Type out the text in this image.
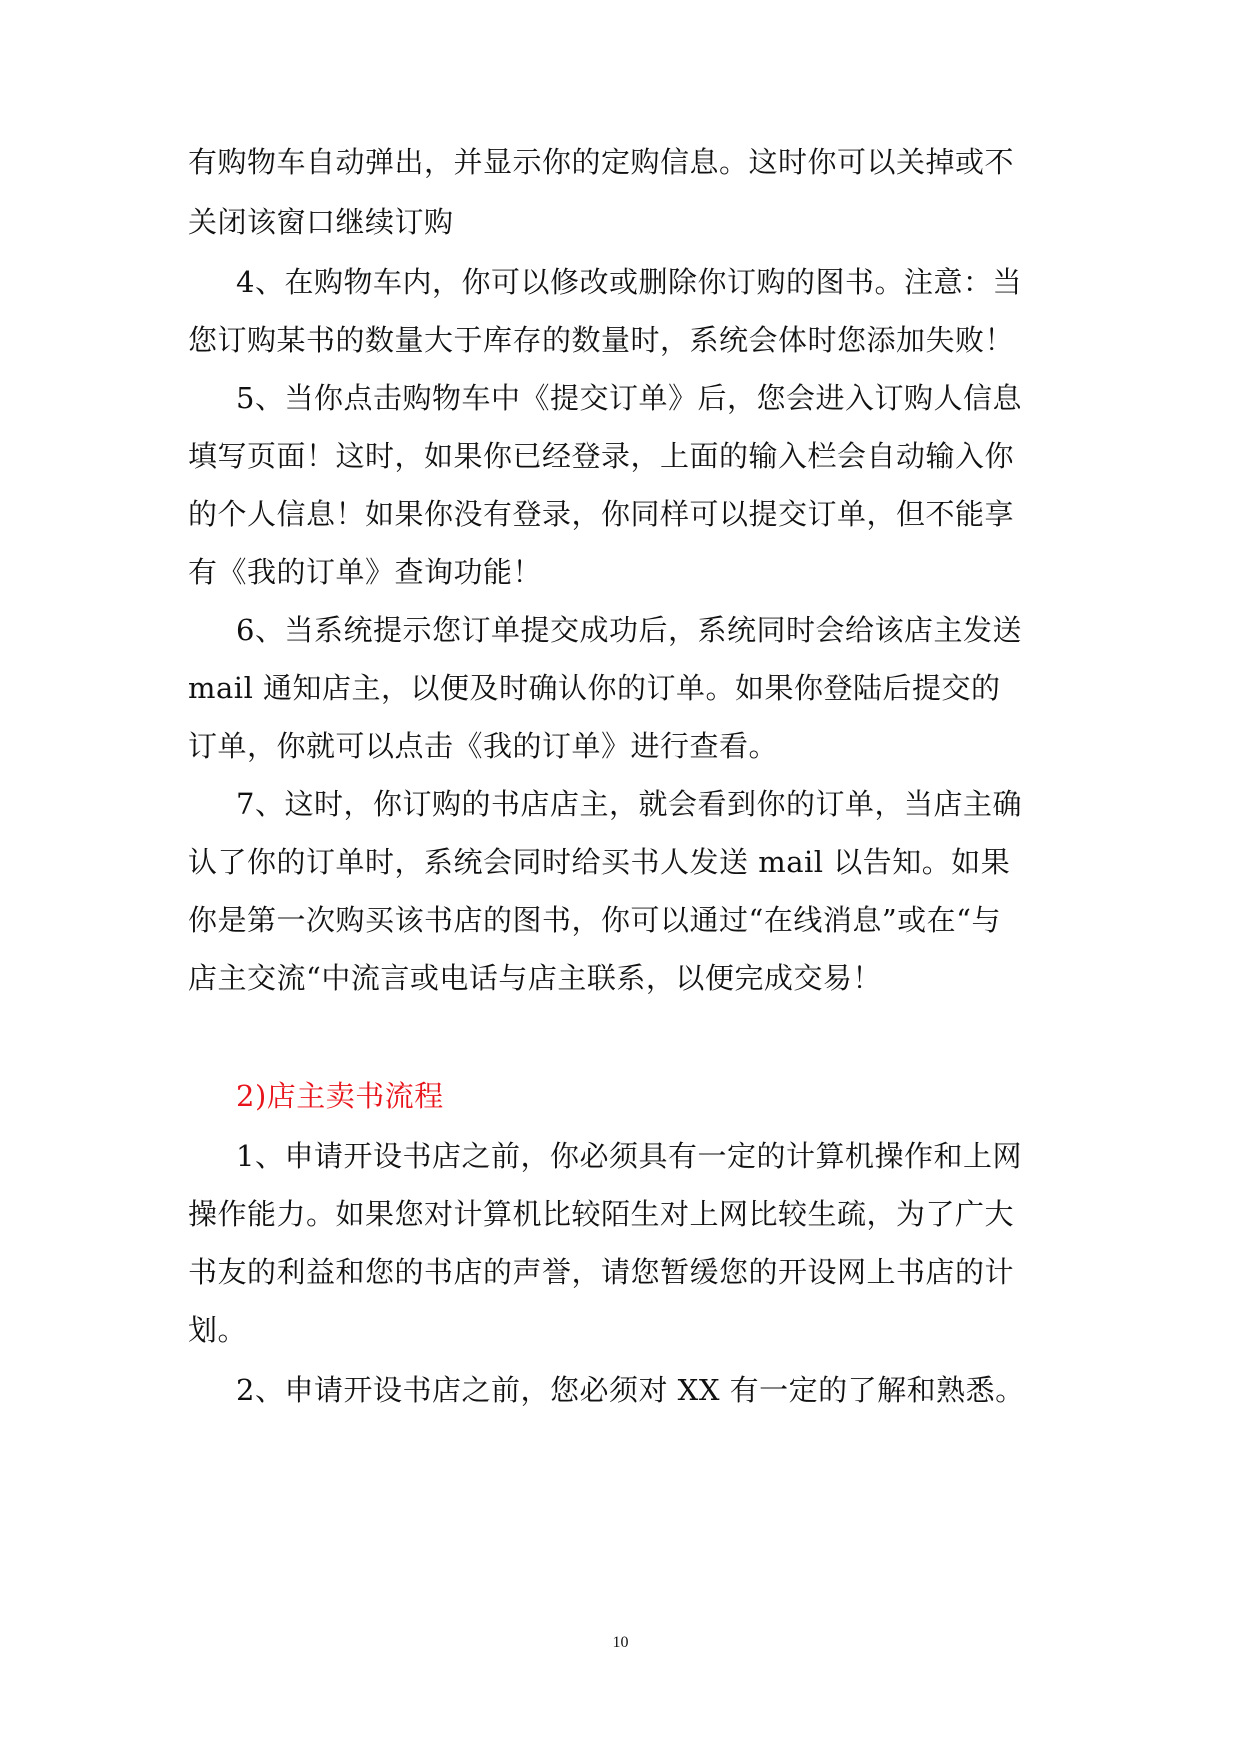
有购物车自动弹出，并显示你的定购信息。这时你可以关掉或不
关闭该窗口继续订购
4、在购物车内，你可以修改或删除你订购的图书。注意：当
您订购某书的数量大于库存的数量时，系统会体时您添加失败！
5、当你点击购物车中《提交订单》后，您会进入订购人信息
填写页面！这时，如果你已经登录，上面的输入栏会自动输入你
的个人信息！如果你没有登录，你同样可以提交订单，但不能享
有《我的订单》查询功能！
6、当系统提示您订单提交成功后，系统同时会给该店主发送
mail 通知店主，以便及时确认你的订单。如果你登陆后提交的
订单，你就可以点击《我的订单》进行查看。
7、这时，你订购的书店店主，就会看到你的订单，当店主确
认了你的订单时，系统会同时给买书人发送 mail 以告知。如果
你是第一次购买该书店的图书，你可以通过“在线消息”或在“与
店主交流“中流言或电话与店主联系，以便完成交易！
2)店主卖书流程
1、申请开设书店之前，你必须具有一定的计算机操作和上网
操作能力。如果您对计算机比较陌生对上网比较生疏，为了广大
书友的利益和您的书店的声誉，请您暂缓您的开设网上书店的计
划。
2、申请开设书店之前，您必须对 XX 有一定的了解和熟悉。
10
